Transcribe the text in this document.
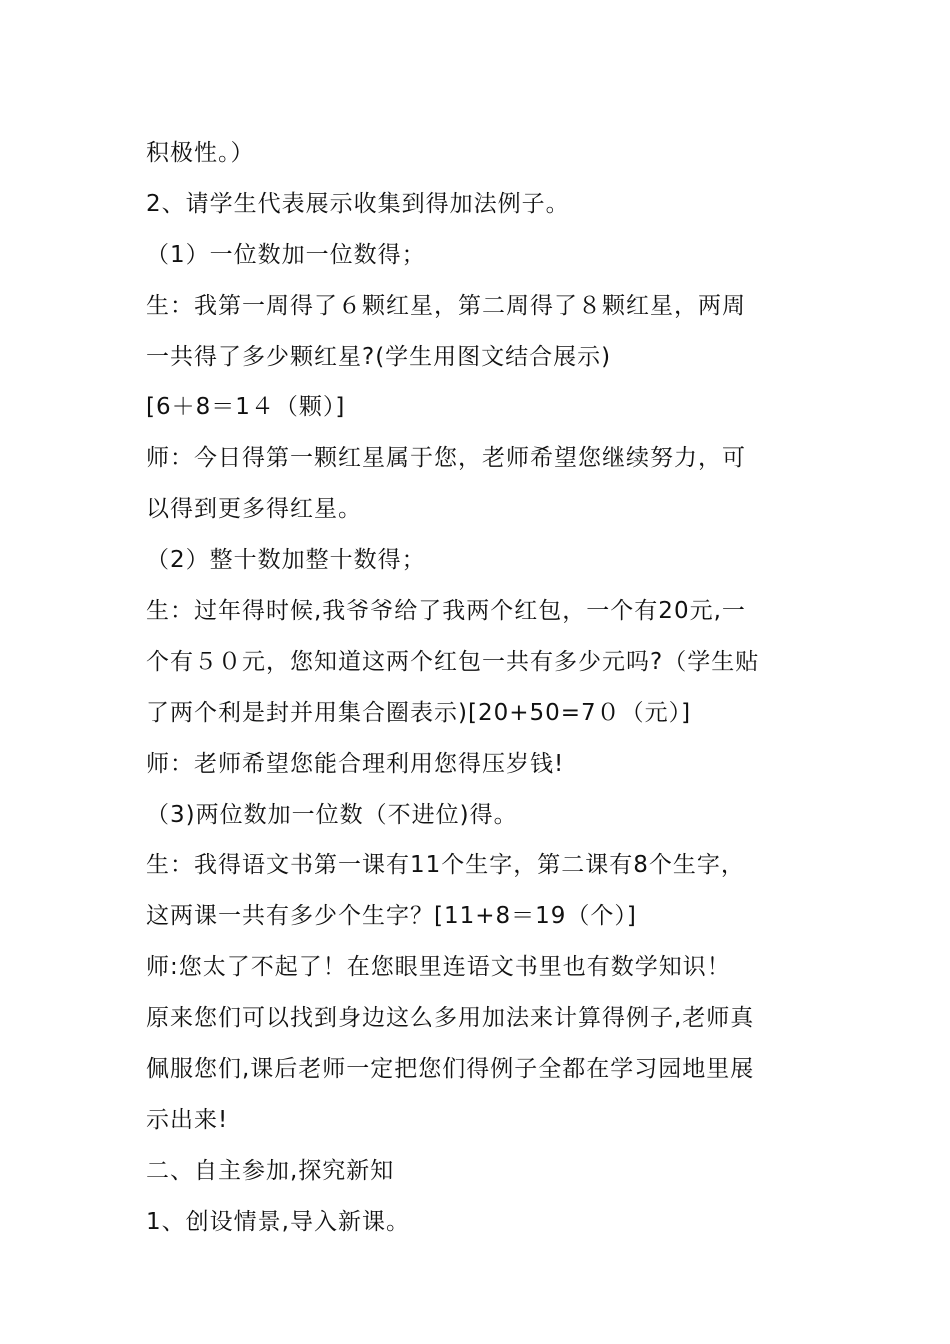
积极性。）
2、请学生代表展示收集到得加法例子。
（1）一位数加一位数得；
生：我第一周得了６颗红星，第二周得了８颗红星，两周
一共得了多少颗红星?(学生用图文结合展示)
[6＋8＝1４（颗）]
师：今日得第一颗红星属于您，老师希望您继续努力，可
以得到更多得红星。
（2）整十数加整十数得；
生：过年得时候,我爷爷给了我两个红包，一个有20元,一
个有５０元，您知道这两个红包一共有多少元吗?（学生贴
了两个利是封并用集合圈表示)[20+50=7０（元）]
师：老师希望您能合理利用您得压岁钱!
（3)两位数加一位数（不进位)得。
生：我得语文书第一课有11个生字，第二课有8个生字，
这两课一共有多少个生字？[11+8＝19（个）]
师:您太了不起了！在您眼里连语文书里也有数学知识！
原来您们可以找到身边这么多用加法来计算得例子,老师真
佩服您们,课后老师一定把您们得例子全都在学习园地里展
示出来!
二、自主参加,探究新知
1、创设情景,导入新课。
